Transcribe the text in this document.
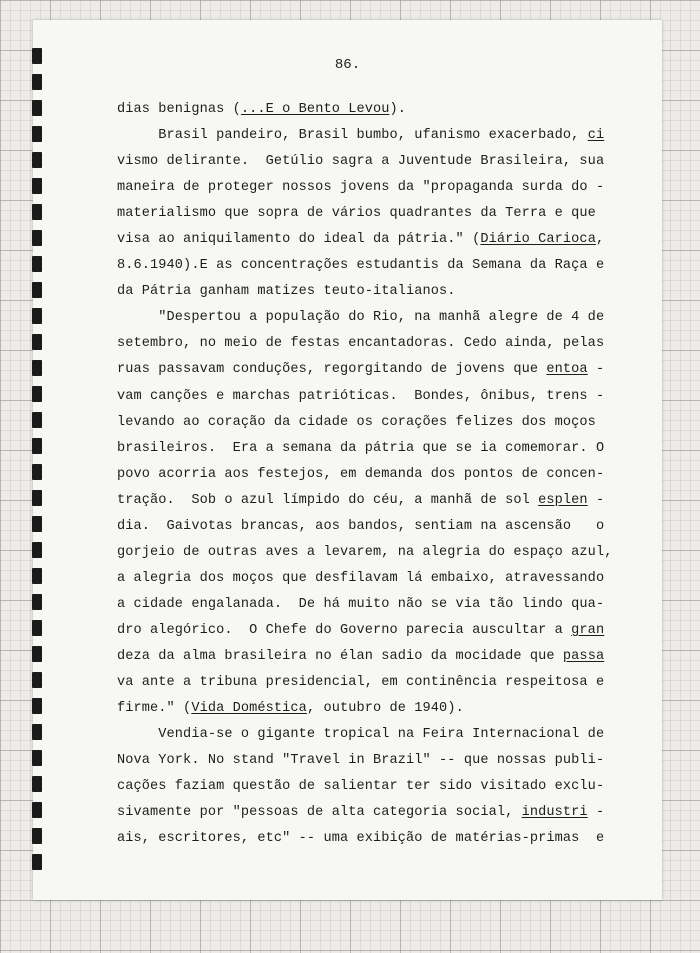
86.
dias benignas (...E o Bento Levou).
Brasil pandeiro, Brasil bumbo, ufanismo exacerbado, ci
vismo delirante.  Getúlio sagra a Juventude Brasileira, sua
maneira de proteger nossos jovens da "propaganda surda do -
materialismo que sopra de vários quadrantes da Terra e que
visa ao aniquilamento do ideal da pátria." (Diário Carioca,
8.6.1940).E as concentrações estudantis da Semana da Raça e
da Pátria ganham matizes teuto-italianos.
"Despertou a população do Rio, na manhã alegre de 4 de
setembro, no meio de festas encantadoras. Cedo ainda, pelas
ruas passavam conduções, regorgitando de jovens que entoa -
vam canções e marchas patrióticas.  Bondes, ônibus, trens -
levando ao coração da cidade os corações felizes dos moços
brasileiros.  Era a semana da pátria que se ia comemorar. O
povo acorria aos festejos, em demanda dos pontos de concen-
tração.  Sob o azul límpido do céu, a manhã de sol esplen -
dia.  Gaivotas brancas, aos bandos, sentiam na ascensão   o
gorjeio de outras aves a levarem, na alegria do espaço azul,
a alegria dos moços que desfilavam lá embaixo, atravessando
a cidade engalanada.  De há muito não se via tão lindo qua-
dro alegórico.  O Chefe do Governo parecia auscultar a gran
deza da alma brasileira no élan sadio da mocidade que passa
va ante a tribuna presidencial, em continência respeitosa e
firme." (Vida Doméstica, outubro de 1940).
Vendia-se o gigante tropical na Feira Internacional de
Nova York. No stand "Travel in Brazil" -- que nossas publi-
cações faziam questão de salientar ter sido visitado exclu-
sivamente por "pessoas de alta categoria social, industri -
ais, escritores, etc" -- uma exibição de matérias-primas  e
